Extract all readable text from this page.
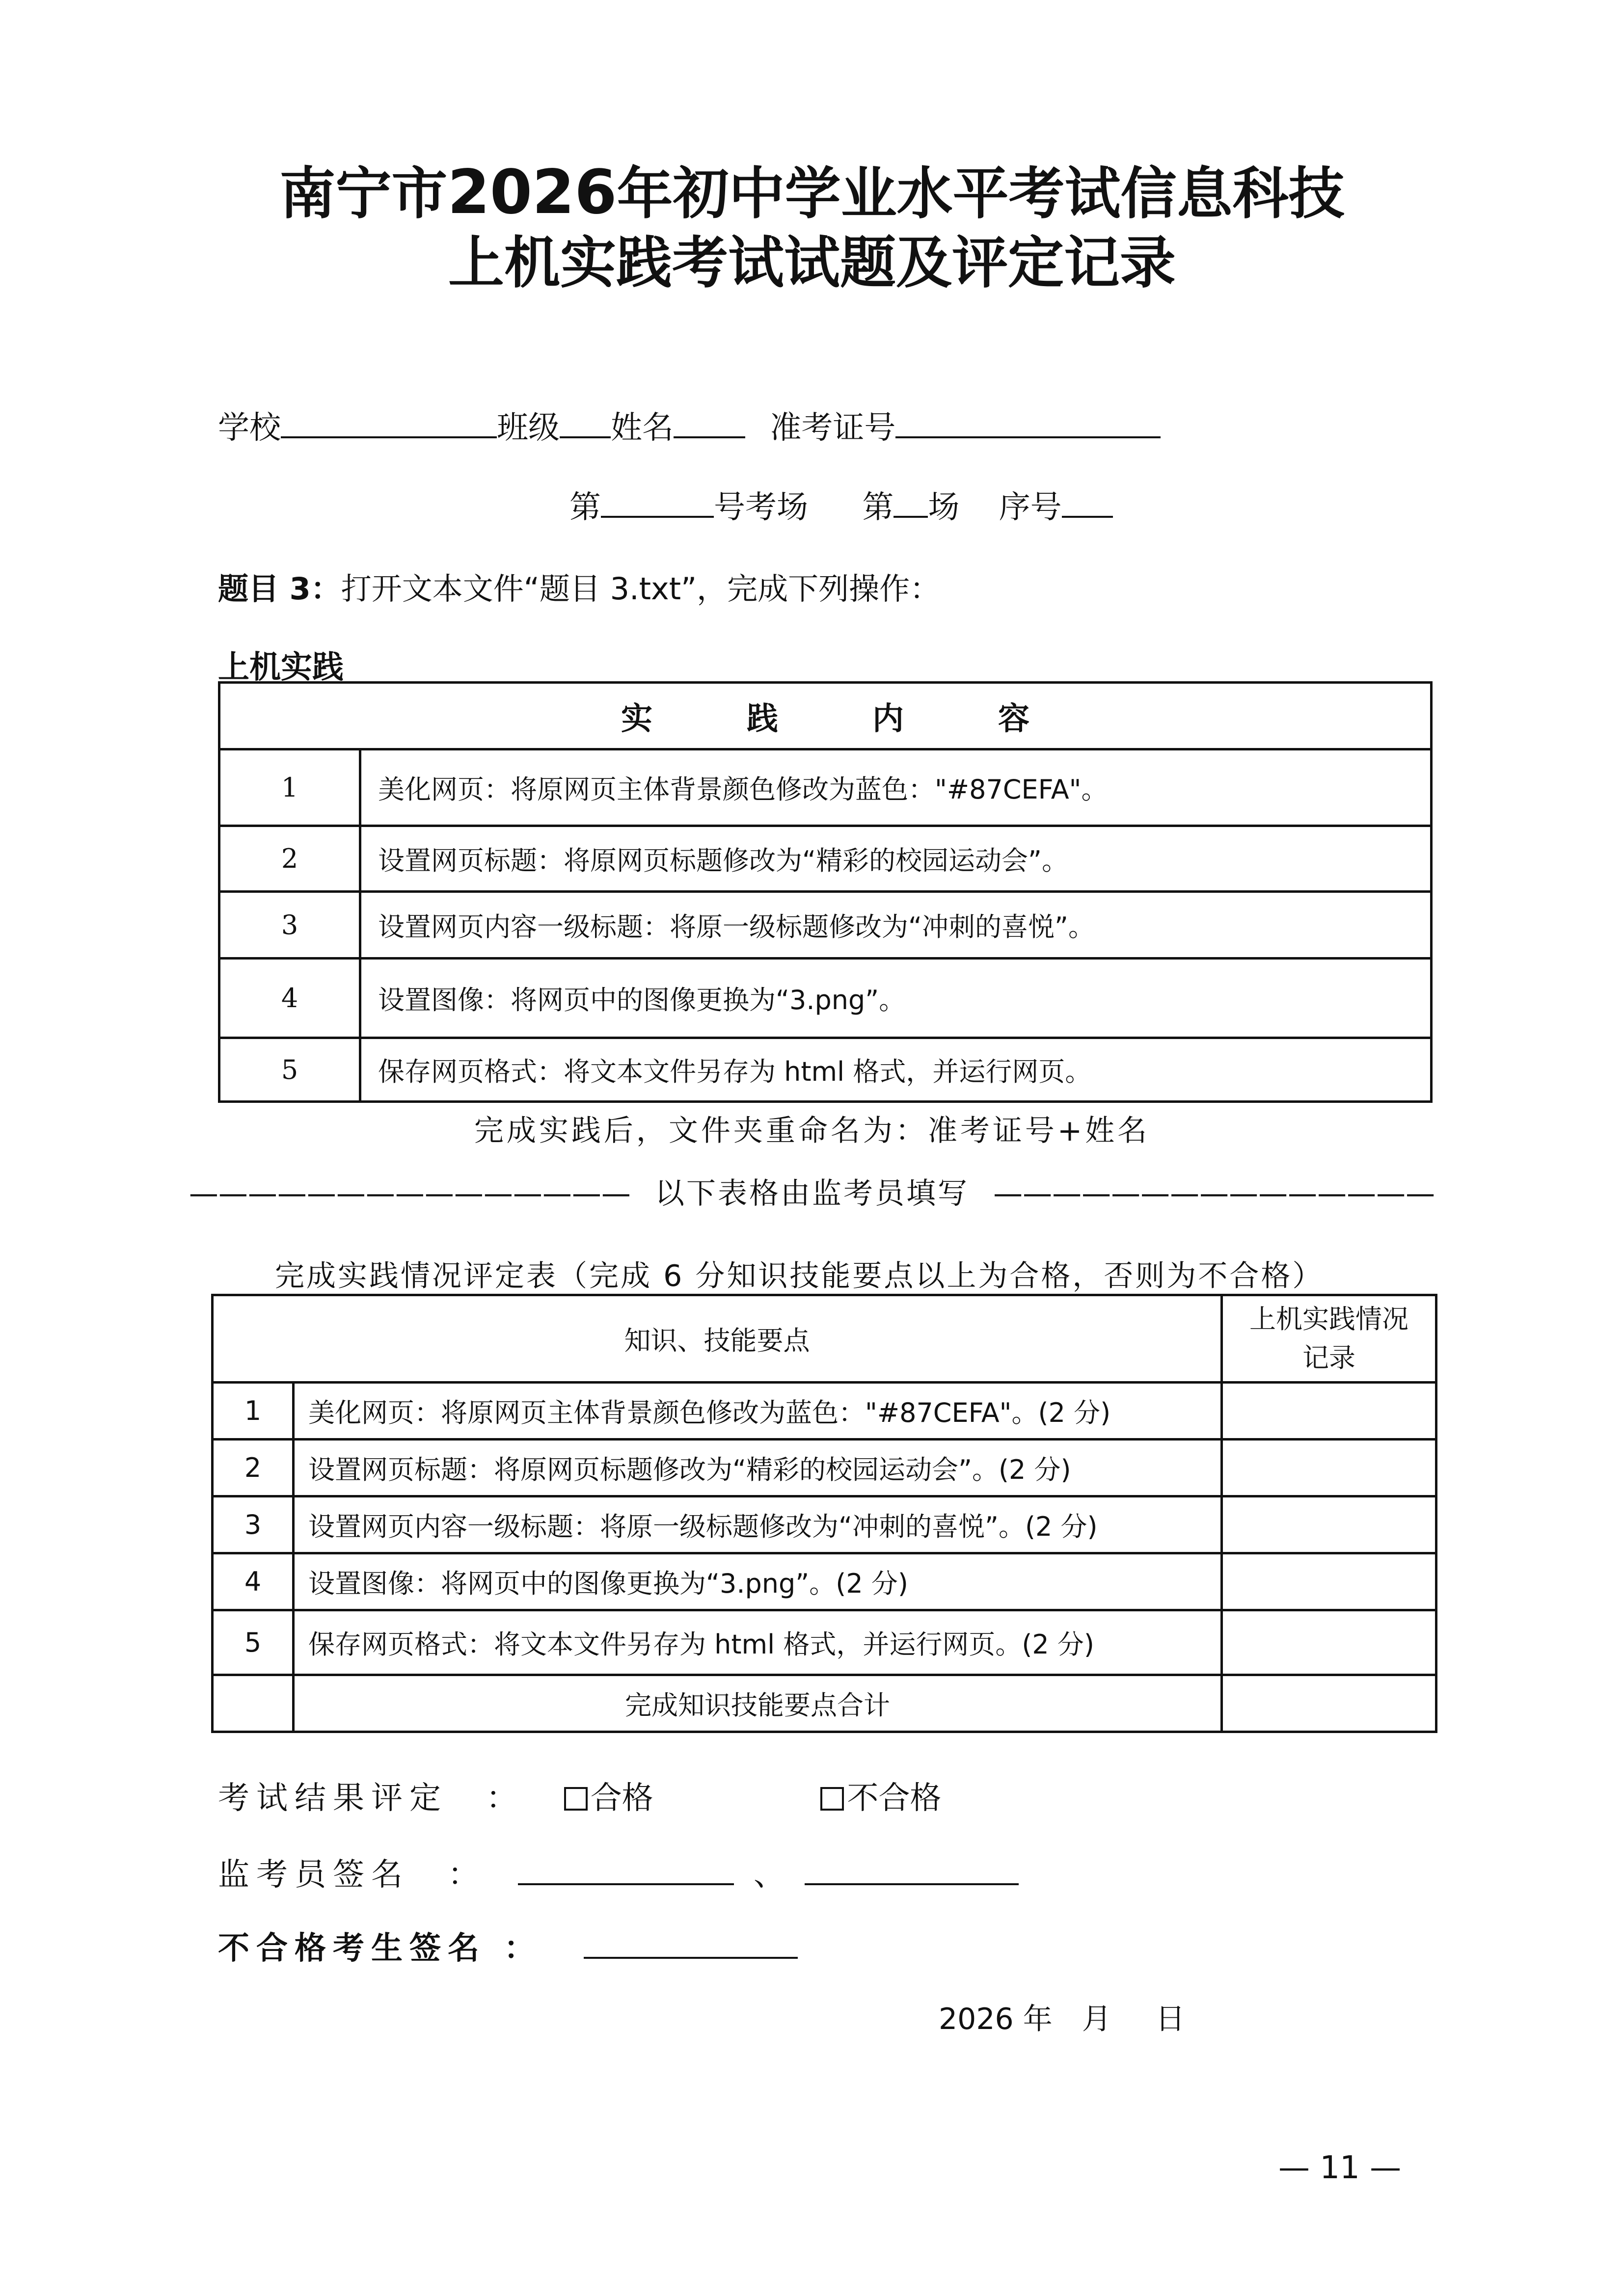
南宁市2026年初中学业水平考试信息科技
上机实践考试试题及评定记录
学校	班级 姓名	准考证号
第	号考场 第 场 序号
题目 3：打开文本文件“题目 3.txt”，完成下列操作：
上机实践
实　　　践　　　内　　　容	
1	美化网页：将原网页主体背景颜色修改为蓝色："#87CEFA"。
2	设置网页标题：将原网页标题修改为“精彩的校园运动会”。
3	设置网页内容一级标题：将原一级标题修改为“冲刺的喜悦”。
4	设置图像：将网页中的图像更换为“3.png”。
5	保存网页格式：将文本文件另存为 html 格式，并运行网页。
完成实践后，文件夹重命名为：准考证号+姓名
——————————————— 以下表格由监考员填写 ———————————————
完成实践情况评定表（完成 6 分知识技能要点以上为合格，否则为不合格）
知识、技能要点		上机实践情况
记录
1	美化网页：将原网页主体背景颜色修改为蓝色："#87CEFA"。(2 分)	
2	设置网页标题：将原网页标题修改为“精彩的校园运动会”。(2 分)	
3	设置网页内容一级标题：将原一级标题修改为“冲刺的喜悦”。(2 分)	
4	设置图像：将网页中的图像更换为“3.png”。(2 分)	
5	保存网页格式：将文本文件另存为 html 格式，并运行网页。(2 分)	
	完成知识技能要点合计	
考试结果评定　： 合格	不合格
监考员签名　：	、
不合格考生签名 ：
2026 年 月 日
— 11 —
